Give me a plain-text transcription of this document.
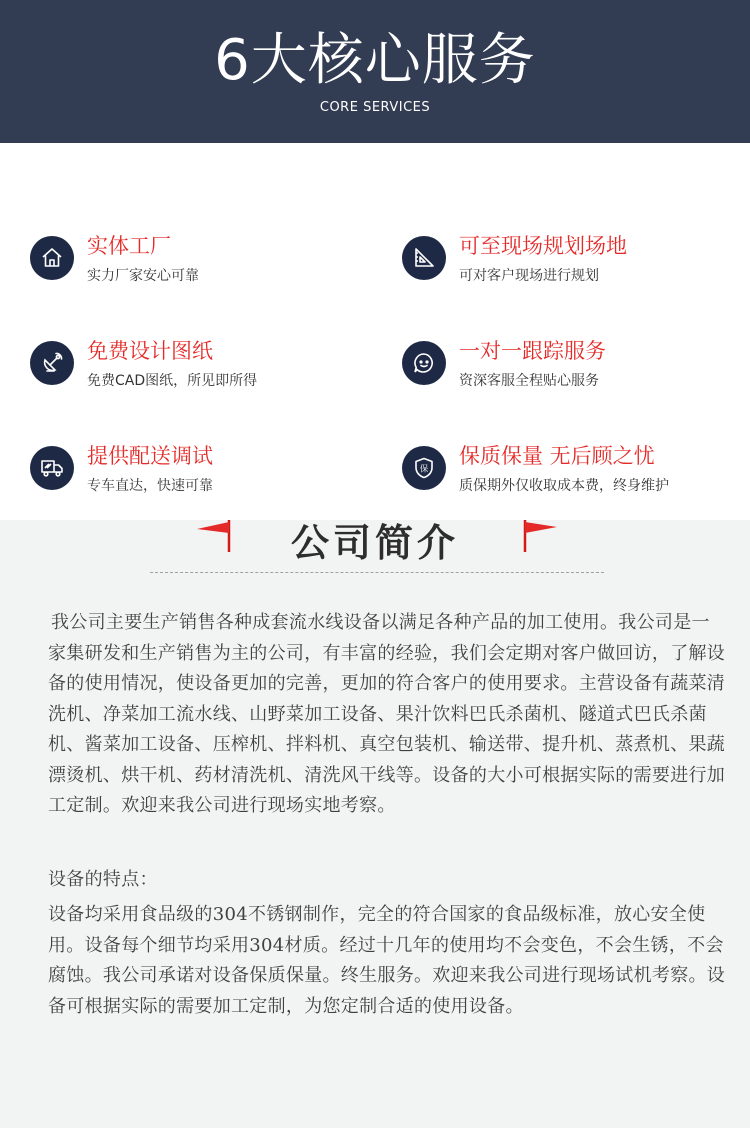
6大核心服务
CORE SERVICES
实体工厂
实力厂家安心可靠
可至现场规划场地
可对客户现场进行规划
免费设计图纸
免费CAD图纸，所见即所得
一对一跟踪服务
资深客服全程贴心服务
提供配送调试
专车直达，快速可靠
保
保质保量 无后顾之忧
质保期外仅收取成本费，终身维护
公司简介

我公司主要生产销售各种成套流水线设备以满足各种产品的加工使用。我公司是一家集研发和生产销售为主的公司，有丰富的经验，我们会定期对客户做回访，了解设备的使用情况，使设备更加的完善，更加的符合客户的使用要求。主营设备有蔬菜清洗机、净菜加工流水线、山野菜加工设备、果汁饮料巴氏杀菌机、隧道式巴氏杀菌机、酱菜加工设备、压榨机、拌料机、真空包装机、输送带、提升机、蒸煮机、果蔬漂烫机、烘干机、药材清洗机、清洗风干线等。设备的大小可根据实际的需要进行加工定制。欢迎来我公司进行现场实地考察。

设备的特点：

设备均采用食品级的304不锈钢制作，完全的符合国家的食品级标准，放心安全使用。设备每个细节均采用304材质。经过十几年的使用均不会变色，不会生锈，不会腐蚀。我公司承诺对设备保质保量。终生服务。欢迎来我公司进行现场试机考察。设备可根据实际的需要加工定制，为您定制合适的使用设备。
